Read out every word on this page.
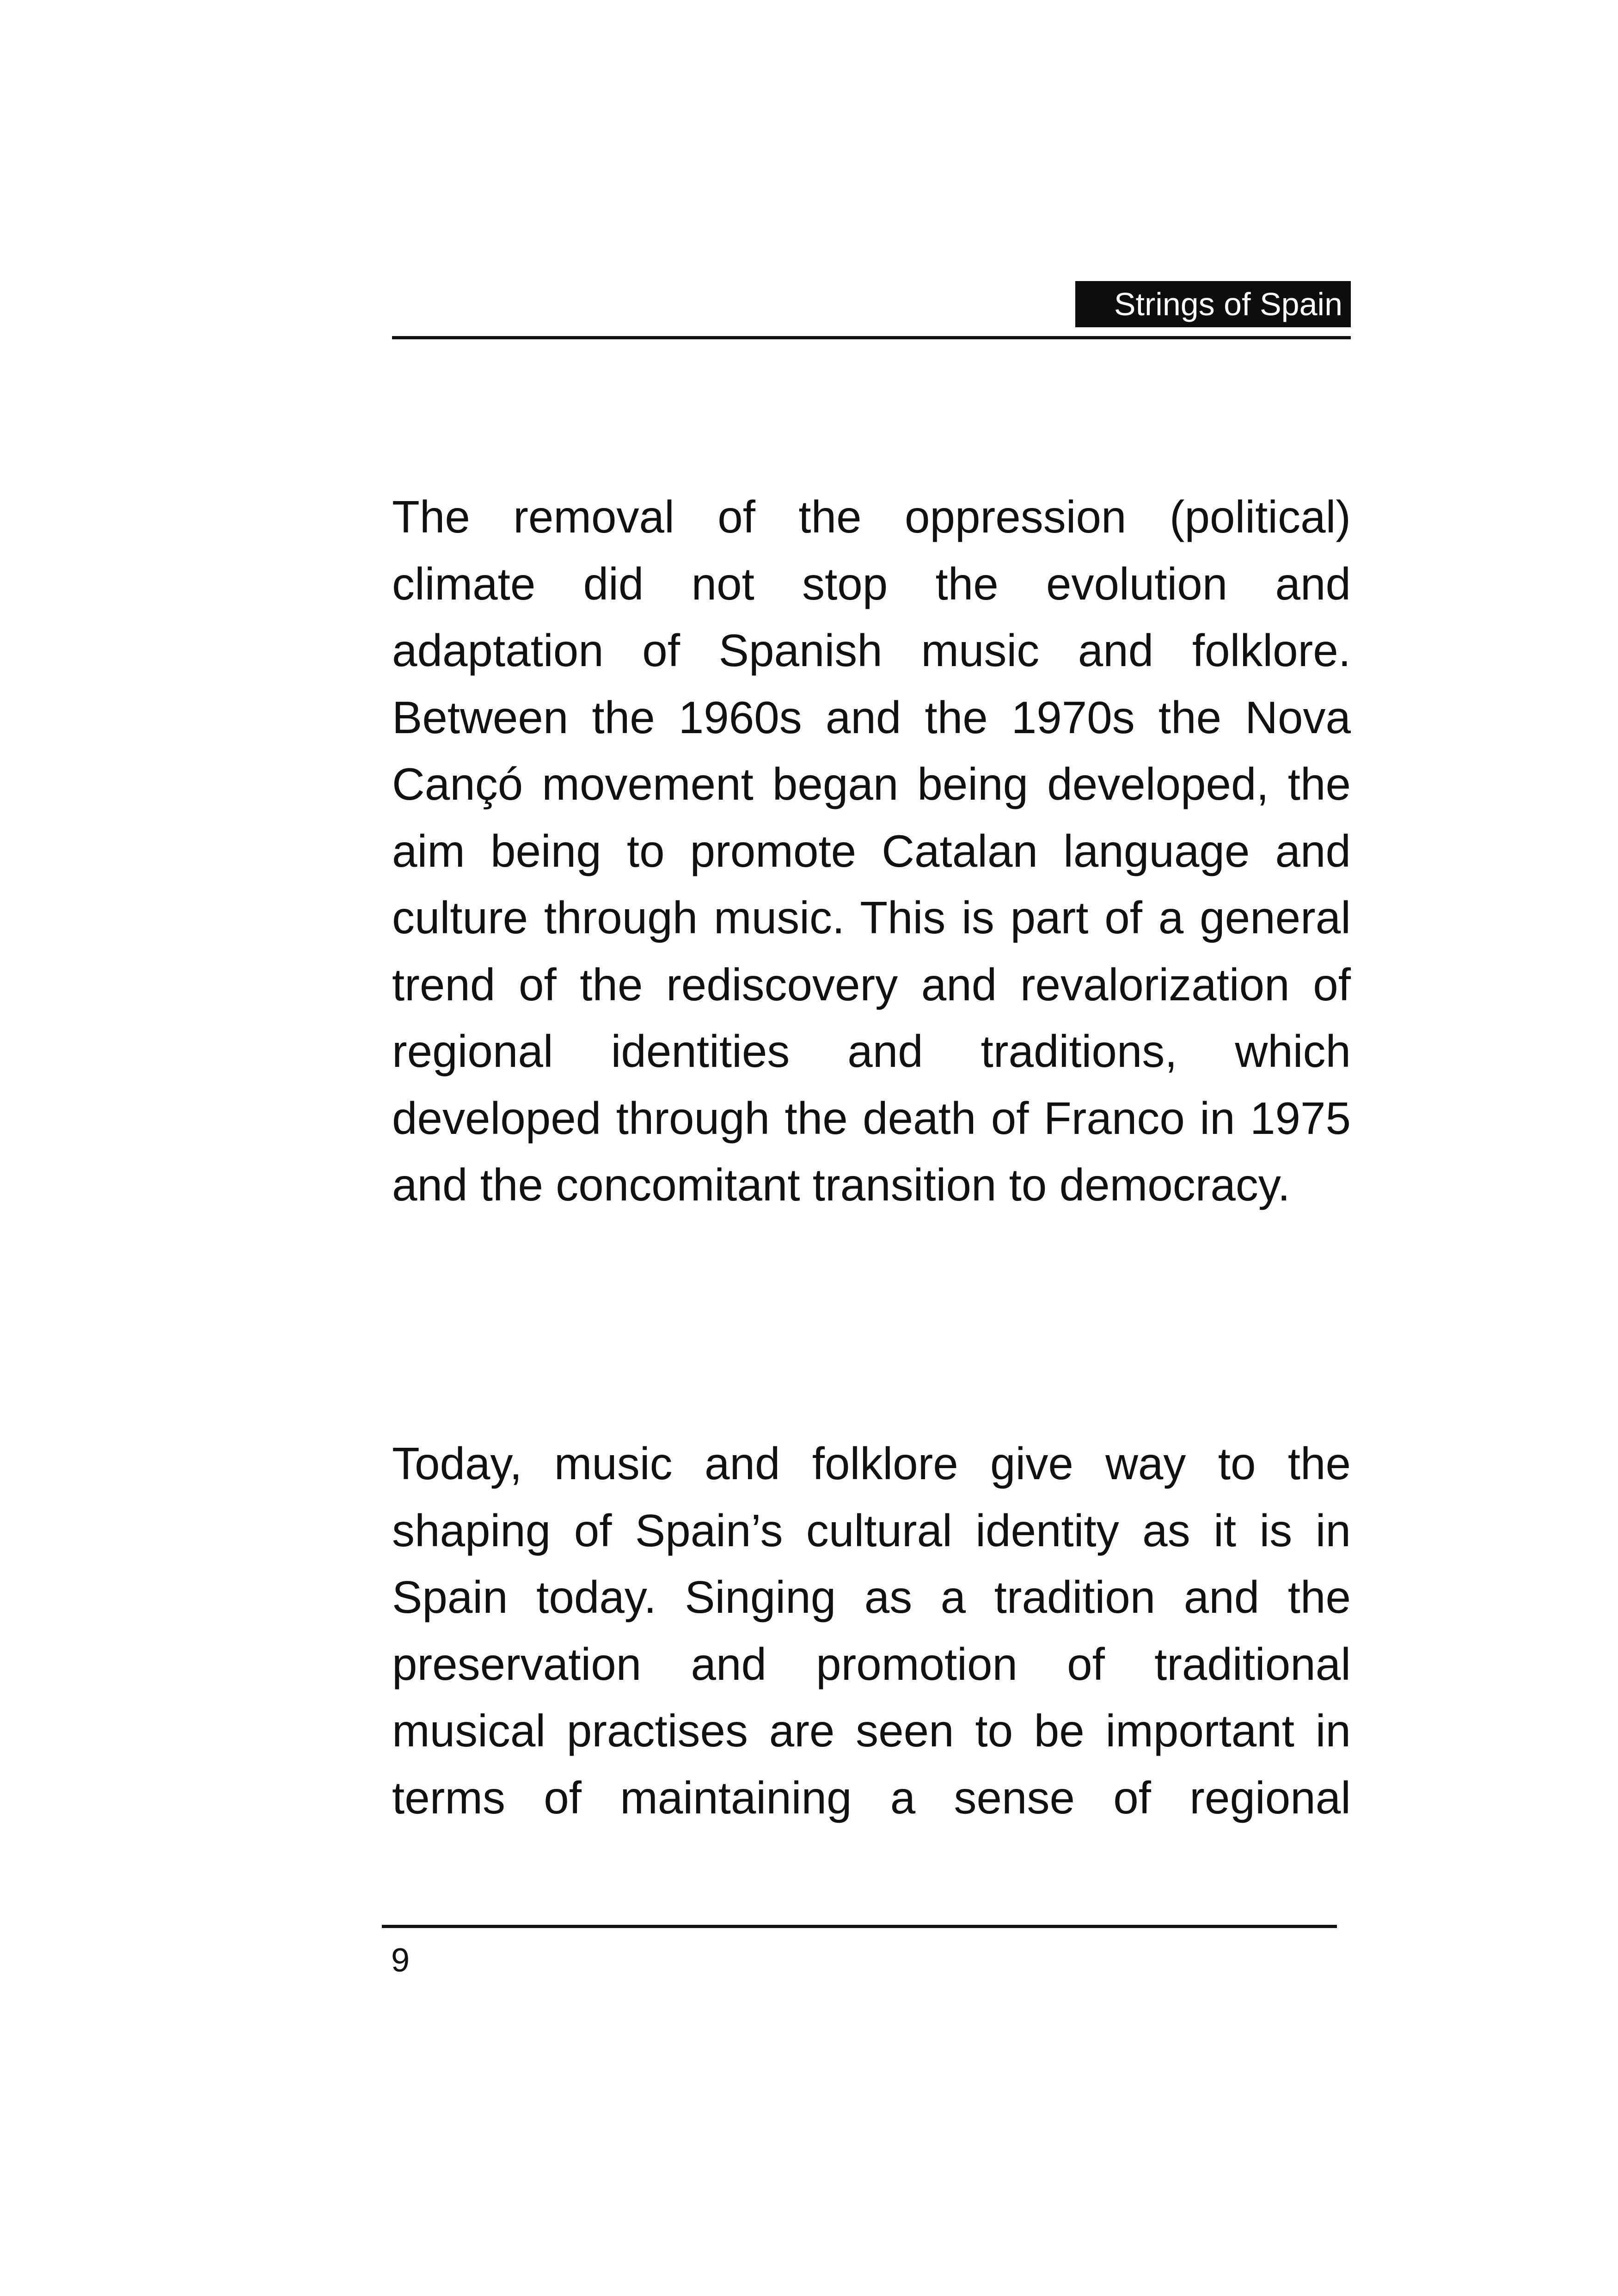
Strings of Spain

The removal of the oppression (political) climate did not stop the evolution and adaptation of Spanish music and folklore. Between the 1960s and the 1970s the Nova Cançó movement began being developed, the aim being to promote Catalan language and culture through music. This is part of a general trend of the rediscovery and revalorization of regional identities and traditions, which developed through the death of Franco in 1975 and the concomitant transition to democracy.

Today, music and folklore give way to the shaping of Spain’s cultural identity as it is in Spain today. Singing as a tradition and the preservation and promotion of traditional musical practises are seen to be important in terms of maintaining a sense of regional

9
